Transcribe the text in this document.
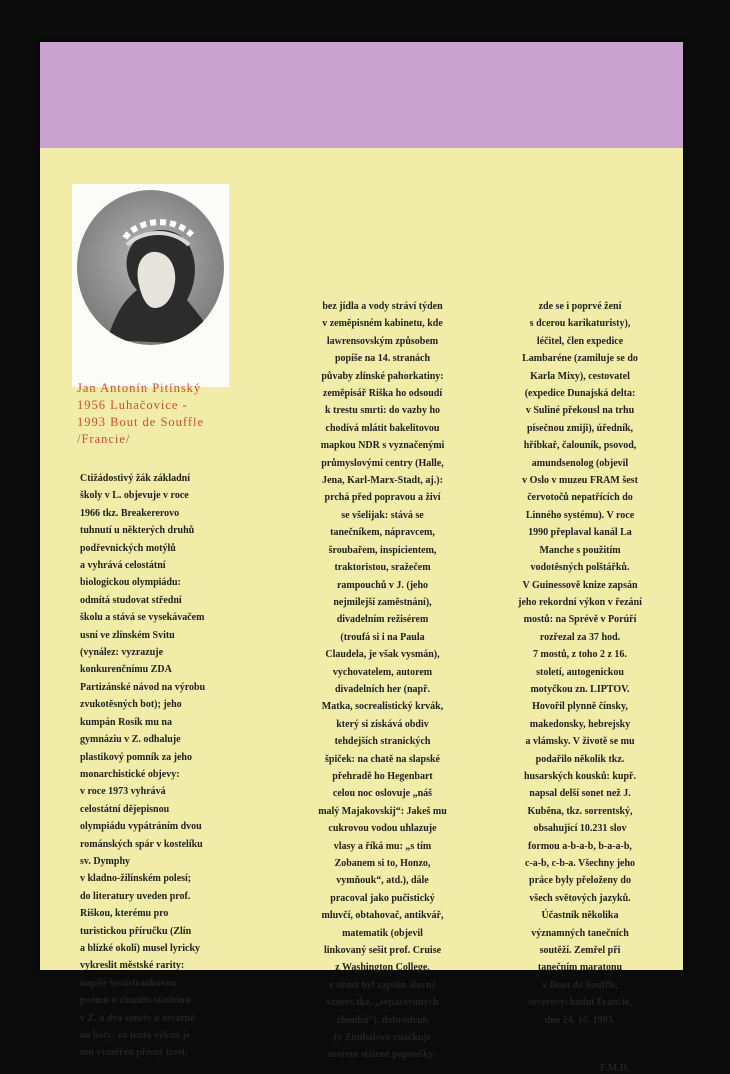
Jan Antonín Pitínský
1956 Luhačovice -
1993 Bout de Souffle
/Francie/
Ctižádostivý žák základní
školy v L. objevuje v roce
1966 tkz. Breakererovo
tuhnutí u některých druhů
podřevnických motýlů
a vyhrává celostátní
biologickou olympiádu:
odmítá studovat střední
školu a stává se vysekávačem
usní ve zlínském Svitu
(vynález: vyzrazuje
konkurenčnímu ZDA
Partizánské návod na výrobu
zvukotěsných bot); jeho
kumpán Rosík mu na
gymnáziu v Z. odhaluje
plastikový pomník za jeho
monarchistické objevy:
v roce 1973 vyhrává
celostátní dějepisnou
olympiádu vypátráním dvou
románských spár v kostelíku
sv. Dymphy
v kladno-žilínském polesí;
do literatury uveden prof.
Riškou, kterému pro
turistickou příručku (Zlín
a blízké okolí) musel lyricky
vykreslit městské rarity:
napíše šestistránkovou
poému o zimním stadiónu
v Z. a dva sonety o továrně
na boty: za tento výkon je
mu vyměřen přísný trest:
bez jídla a vody stráví týden
v zeměpisném kabinetu, kde
lawrensovským způsobem
popíše na 14. stranách
půvaby zlínské pahorkatiny:
zeměpisář Riška ho odsoudí
k trestu smrti: do vazby ho
chodívá mlátit bakelitovou
mapkou NDR s vyznačenými
průmyslovými centry (Halle,
Jena, Karl-Marx-Stadt, aj.):
prchá před popravou a živí
se všelijak: stává se
tanečníkem, nápravcem,
šroubařem, inspicientem,
traktoristou, sražečem
rampouchů v J. (jeho
nejmilejší zaměstnání),
divadelním režisérem
(troufá si i na Paula
Claudela, je však vysmán),
vychovatelem, autorem
divadelních her (např.
Matka, socrealistický krvák,
který si získává obdiv
tehdejších stranických
špiček: na chatě na slapské
přehradě ho Hegenbart
celou noc oslovuje „náš
malý Majakovskij“: Jakeš mu
cukrovou vodou uhlazuje
vlasy a říká mu: „s tím
Zobanem si to, Honzo,
vymňouk“, atd.), dále
pracoval jako pučistický
mluvčí, obtahovač, antikvář,
matematik (objevil
linkovaný sešit prof. Cruise
z Washington College,
v němž byl zapsán slavný
vzorec tkz. „separovaných
zlomků“), dobrodruh
(v Zimbabwe značkuje
morem stižené papoušky:
zde se i poprvé žení
s dcerou karikaturisty),
léčitel, člen expedice
Lambaréne (zamiluje se do
Karla Mixy), cestovatel
(expedice Dunajská delta:
v Suliné překousl na trhu
písečnou zmiji), úředník,
hřibkař, čalouník, psovod,
amundsenolog (objevil
v Oslo v muzeu FRAM šest
červotočů nepatřících do
Linného systému). V roce
1990 přeplaval kanál La
Manche s použitím
vodotěsných polštářků.
V Guinessově knize zapsán
jeho rekordní výkon v řezání
mostů: na Sprévě v Porúří
rozřezal za 37 hod.
7 mostů, z toho 2 z 16.
století, autogenickou
motyčkou zn. LIPTOV.
Hovořil plynně čínsky,
makedonsky, hebrejsky
a vlámsky. V životě se mu
podařilo několik tkz.
husarských kousků: kupř.
napsal delší sonet než J.
Kuběna, tkz. sorrentský,
obsahující 10.231 slov
formou a-b-a-b, b-a-a-b,
c-a-b, c-b-a. Všechny jeho
práce byly přeloženy do
všech světových jazyků.
Účastník několika
významných tanečních
soutěží. Zemřel při
tanečním maratonu
v Bout de Souffle,
severovýchodní Francie,
dne 24. 10. 1993.
F.M.D.
